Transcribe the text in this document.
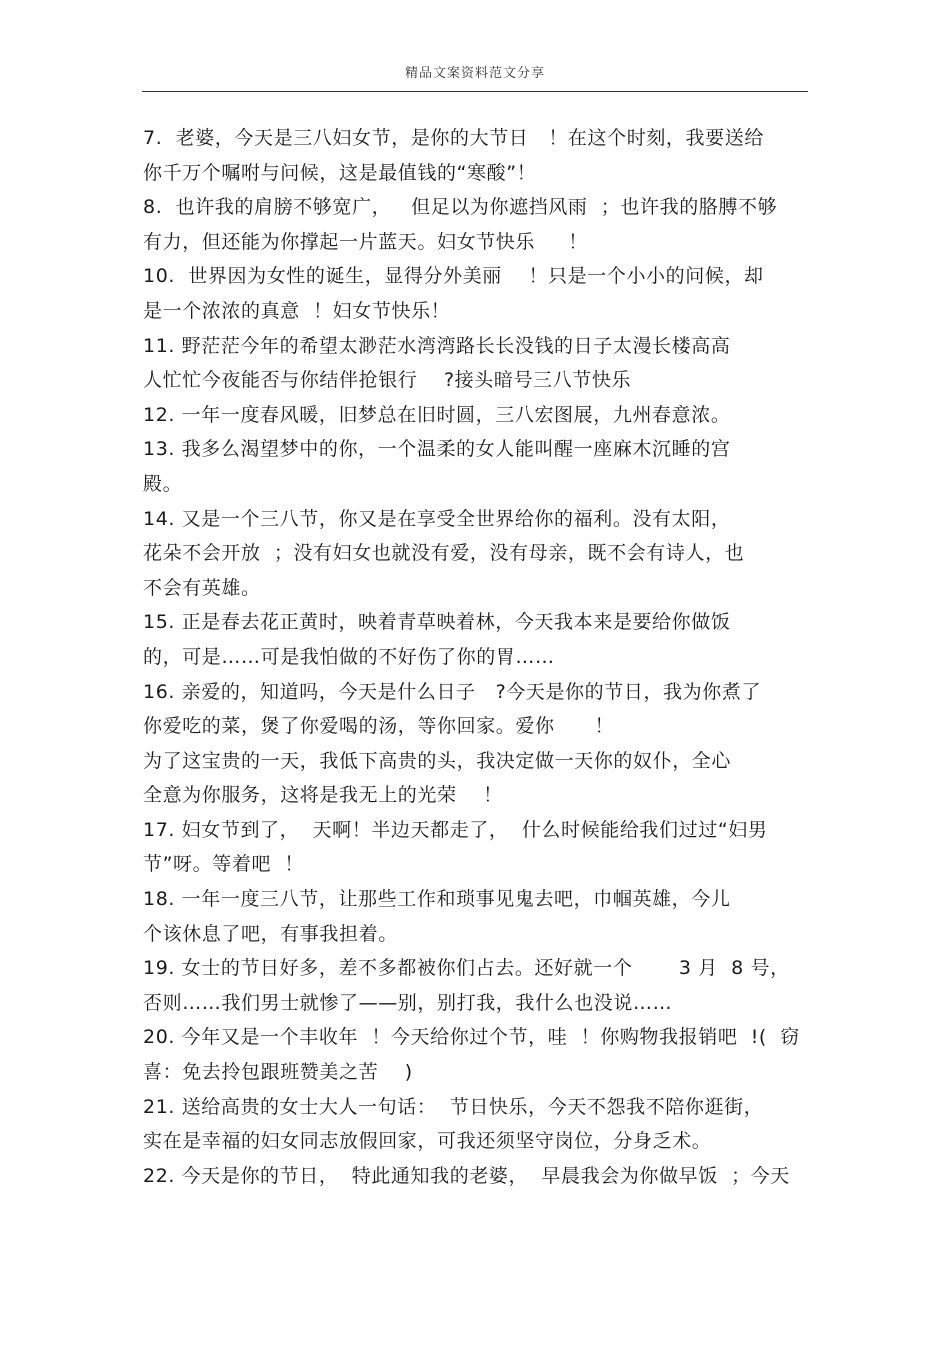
精品文案资料范文分享
7.  老婆，今天是三八妇女节，是你的大节日   ！在这个时刻，我要送给
你千万个嘱咐与问候，这是最值钱的“寒酸”！
8.  也许我的肩膀不够宽广，   但足以为你遮挡风雨  ；也许我的胳膊不够
有力，但还能为你撑起一片蓝天。妇女节快乐     ！
10.  世界因为女性的诞生，显得分外美丽    ！只是一个小小的问候，却
是一个浓浓的真意  ！妇女节快乐！
11. 野茫茫今年的希望太渺茫水湾湾路长长没钱的日子太漫长楼高高
人忙忙今夜能否与你结伴抢银行    ?接头暗号三八节快乐
12. 一年一度春风暖，旧梦总在旧时圆，三八宏图展，九州春意浓。
13. 我多么渴望梦中的你，一个温柔的女人能叫醒一座麻木沉睡的宫
殿。
14. 又是一个三八节，你又是在享受全世界给你的福利。没有太阳，
花朵不会开放  ；没有妇女也就没有爱，没有母亲，既不会有诗人，也
不会有英雄。
15. 正是春去花正黄时，映着青草映着林，今天我本来是要给你做饭
的，可是……可是我怕做的不好伤了你的胃……
16. 亲爱的，知道吗，今天是什么日子   ?今天是你的节日，我为你煮了
你爱吃的菜，煲了你爱喝的汤，等你回家。爱你      ！
为了这宝贵的一天，我低下高贵的头，我决定做一天你的奴仆，全心
全意为你服务，这将是我无上的光荣    ！
17. 妇女节到了，  天啊！半边天都走了，  什么时候能给我们过过“妇男
节”呀。等着吧  ！
18. 一年一度三八节，让那些工作和琐事见鬼去吧，巾帼英雄，今儿
个该休息了吧，有事我担着。
19. 女士的节日好多，差不多都被你们占去。还好就一个       3 月  8 号，
否则……我们男士就惨了——别，别打我，我什么也没说……
20. 今年又是一个丰收年  ！今天给你过个节，哇  ！你购物我报销吧  !(  窃
喜：免去拎包跟班赞美之苦    )
21. 送给高贵的女士大人一句话：  节日快乐，今天不怨我不陪你逛街，
实在是幸福的妇女同志放假回家，可我还须坚守岗位，分身乏术。
22. 今天是你的节日，  特此通知我的老婆，  早晨我会为你做早饭  ；今天
